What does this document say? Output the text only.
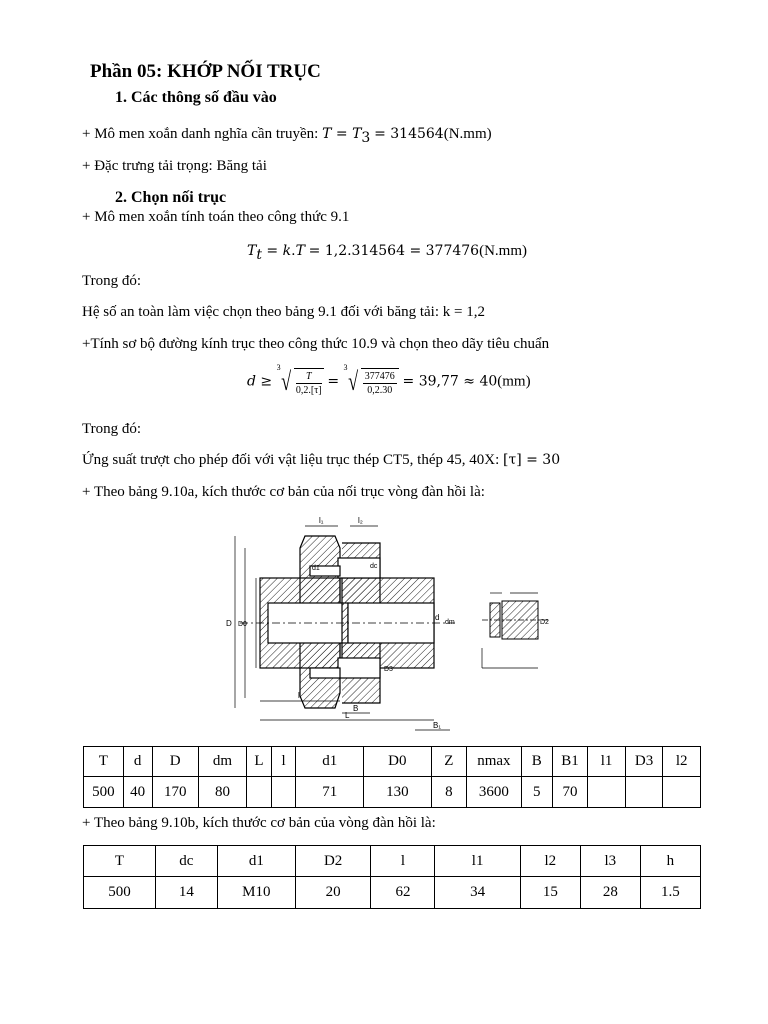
Phần 05: KHỚP NỐI TRỤC
1. Các thông số đầu vào
+ Mô men xoắn danh nghĩa cần truyền: $T = T_3 = 314564(N.mm)$
+ Đặc trưng tải trọng: Băng tải
2. Chọn nối trục
+ Mô men xoắn tính toán theo công thức 9.1
$T_t = k.T = 1,2.314564 = 377476(N.mm)$
Trong đó:
Hệ số an toàn làm việc chọn theo bảng 9.1 đối với băng tải: k = 1,2
+Tính sơ bộ đường kính trục theo công thức 10.9 và chọn theo dãy tiêu chuẩn
$d \ge ^3√ \frac{T}{0,2.[\tau]} = ^3√ \frac{377476}{0,2.30} = 39,77 \approx 40(mm)$
Trong đó:
Ứng suất trượt cho phép đối với vật liệu trục thép CT5, thép 45, 40X: [τ] = 30
+ Theo bảng 9.10a, kích thước cơ bản của nối trục vòng đàn hồi là:
l₁	l₂
d1	dc
D D0
d
dm
D3
l
L
B
B₁
D2
T	d	D	dm	L	l	d1	D0	Z	nmax	B	B1	l1	D3	l2
500	40	170	80			71	130	8	3600	5	70			
+ Theo bảng 9.10b, kích thước cơ bản của vòng đàn hồi là:
T	dc	d1	D2	l	l1	l2	l3	h
500	14	M10	20	62	34	15	28	1.5
